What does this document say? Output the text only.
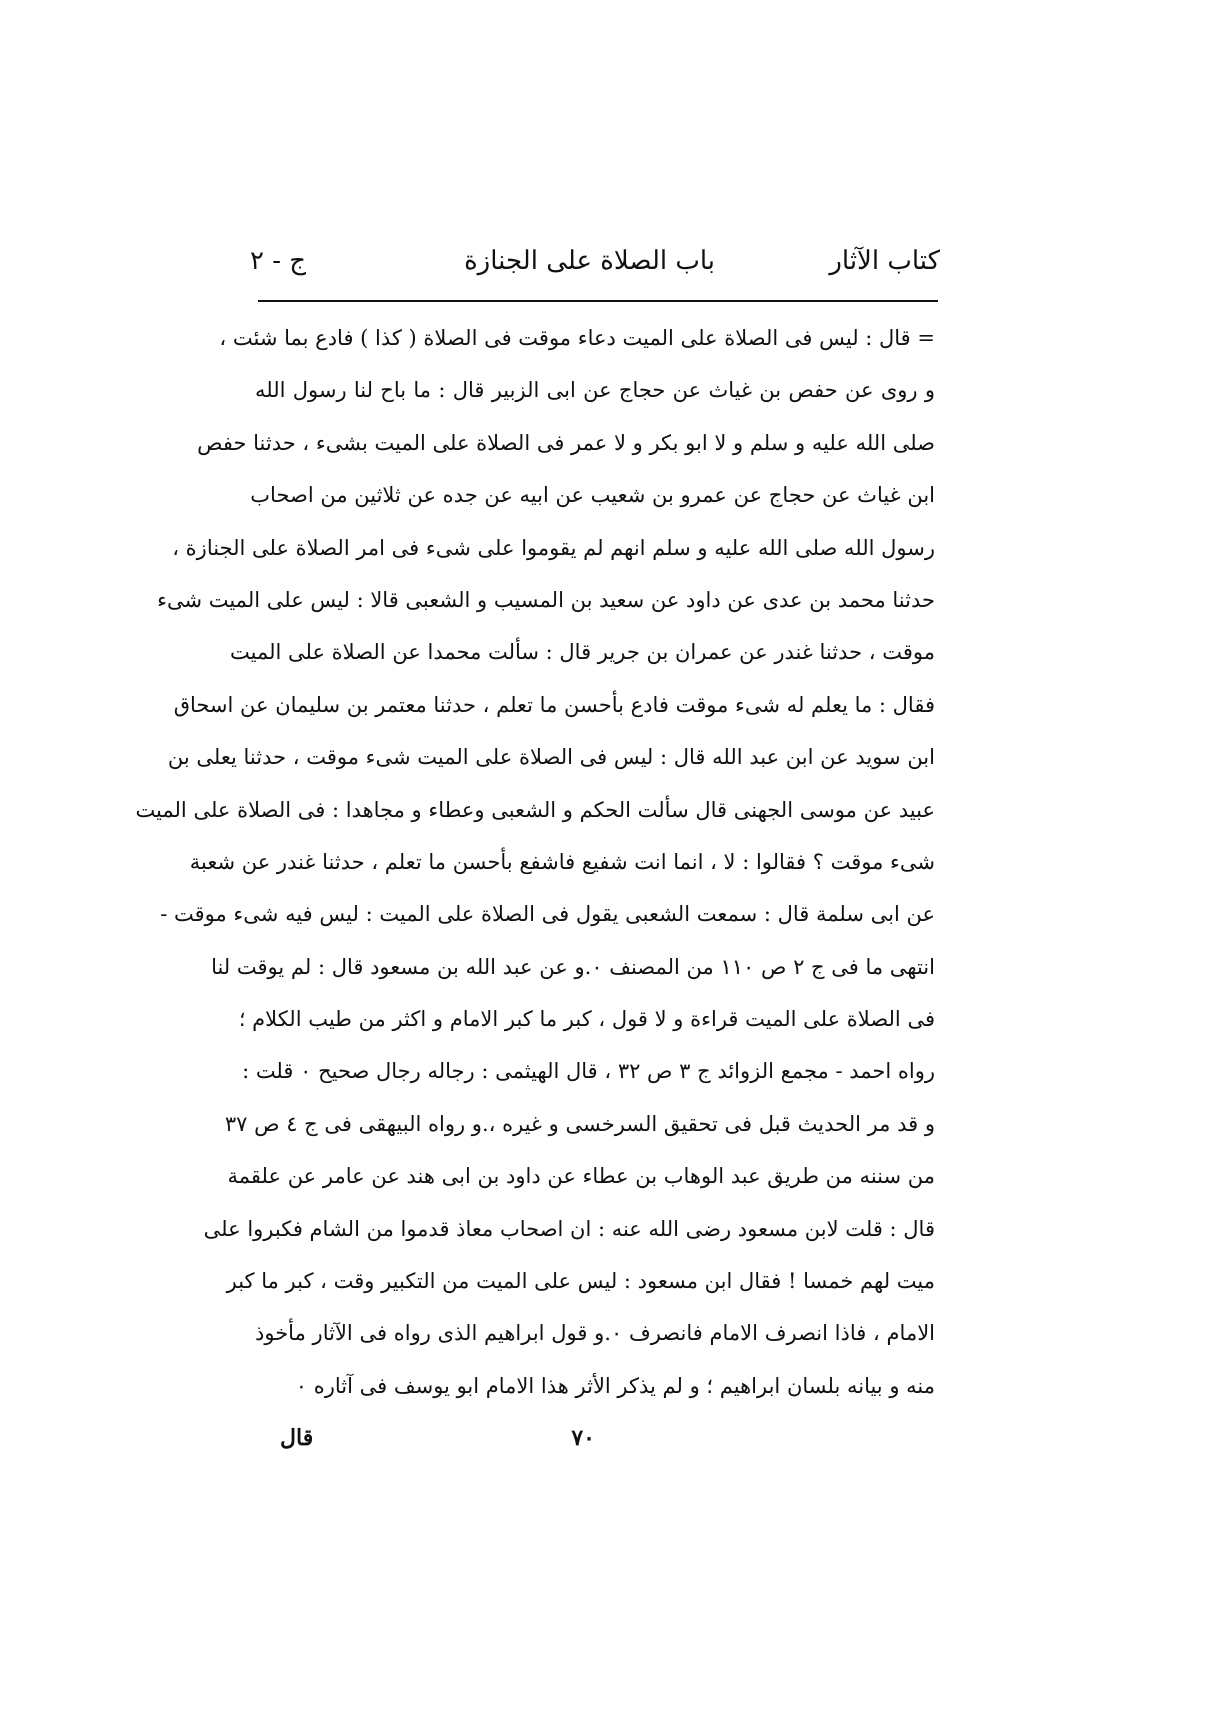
كتاب الآثار
باب الصلاة على الجنازة
ج - ٢
= قال : ليس فى الصلاة على الميت دعاء موقت فى الصلاة ( كذا ) فادع بما شئت ،
و روى عن حفص بن غياث عن حجاج عن ابى الزبير قال : ما باح لنا رسول الله
صلى الله عليه و سلم و لا ابو بكر و لا عمر فى الصلاة على الميت بشىء ، حدثنا حفص
ابن غياث عن حجاج عن عمرو بن شعيب عن ابيه عن جده عن ثلاثين من اصحاب
رسول الله صلى الله عليه و سلم انهم لم يقوموا على شىء فى امر الصلاة على الجنازة ،
حدثنا محمد بن عدى عن داود عن سعيد بن المسيب و الشعبى قالا : ليس على الميت شىء
موقت ، حدثنا غندر عن عمران بن جرير قال : سألت محمدا عن الصلاة على الميت
فقال : ما يعلم له شىء موقت فادع بأحسن ما تعلم ، حدثنا معتمر بن سليمان عن اسحاق
ابن سويد عن ابن عبد الله قال : ليس فى الصلاة على الميت شىء موقت ، حدثنا يعلى بن
عبيد عن موسى الجهنى قال سألت الحكم و الشعبى وعطاء و مجاهدا : فى الصلاة على الميت
شىء موقت ؟ فقالوا : لا ، انما انت شفيع فاشفع بأحسن ما تعلم ، حدثنا غندر عن شعبة
عن ابى سلمة قال : سمعت الشعبى يقول فى الصلاة على الميت : ليس فيه شىء موقت -
انتهى ما فى ج ٢ ص ١١٠ من المصنف ٠.و عن عبد الله بن مسعود قال : لم يوقت لنا
فى الصلاة على الميت قراءة و لا قول ، كبر ما كبر الامام و اكثر من طيب الكلام ؛
رواه احمد - مجمع الزوائد ج ٣ ص ٣٢ ، قال الهيثمى : رجاله رجال صحيح ٠ قلت :
و قد مر الحديث قبل فى تحقيق السرخسى و غيره ،.و رواه البيهقى فى ج ٤ ص ٣٧
من سننه من طريق عبد الوهاب بن عطاء عن داود بن ابى هند عن عامر عن علقمة
قال : قلت لابن مسعود رضى الله عنه : ان اصحاب معاذ قدموا من الشام فكبروا على
ميت لهم خمسا ! فقال ابن مسعود : ليس على الميت من التكبير وقت ، كبر ما كبر
الامام ، فاذا انصرف الامام فانصرف ٠.و قول ابراهيم الذى رواه فى الآثار مأخوذ
منه و بيانه بلسان ابراهيم ؛ و لم يذكر الأثر هذا الامام ابو يوسف فى آثاره ٠
٧٠
قال
